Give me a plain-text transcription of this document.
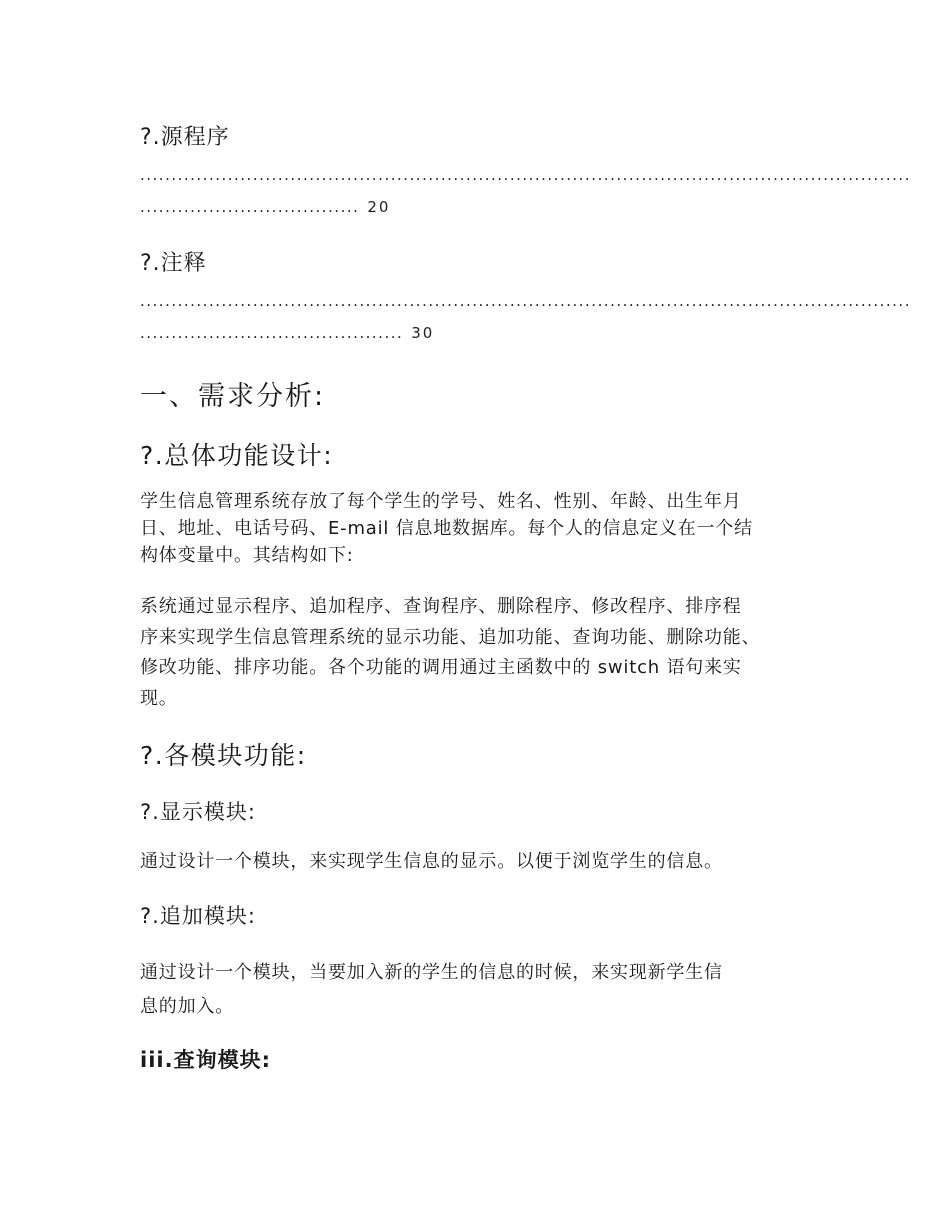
?.源程序
...........................................................................................................................
................................... 20
?.注释
...........................................................................................................................
.......................................... 30
一、需求分析:
?.总体功能设计:
学生信息管理系统存放了每个学生的学号、姓名、性别、年龄、出生年月
日、地址、电话号码、E-mail 信息地数据库。每个人的信息定义在一个结
构体变量中。其结构如下:
系统通过显示程序、追加程序、查询程序、删除程序、修改程序、排序程
序来实现学生信息管理系统的显示功能、追加功能、查询功能、删除功能、
修改功能、排序功能。各个功能的调用通过主函数中的 switch 语句来实
现。
?.各模块功能:
?.显示模块:
通过设计一个模块，来实现学生信息的显示。以便于浏览学生的信息。
?.追加模块:
通过设计一个模块，当要加入新的学生的信息的时候，来实现新学生信
息的加入。
iii.查询模块:
